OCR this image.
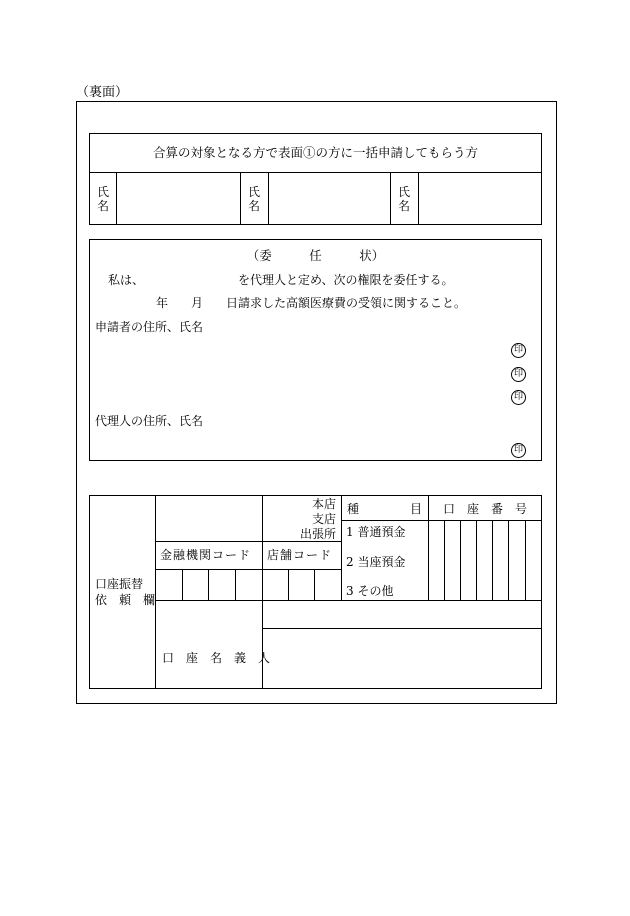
（裏面）
合算の対象となる方で表面①の方に一括申請してもらう方
氏名
氏名
氏名
（委　　　任　　　状）
私は、	を代理人と定め、次の権限を委任する。
年 月 日請求した高額医療費の受領に関すること。
申請者の住所、氏名
印
印
印
代理人の住所、氏名
印
口座振替
依　頼　欄
本店
支店
出張所
金融機関コード 店舗コード
種	目
1 普通預金
2 当座預金
3 その他
口　座　番　号
口　座　名　義　人
